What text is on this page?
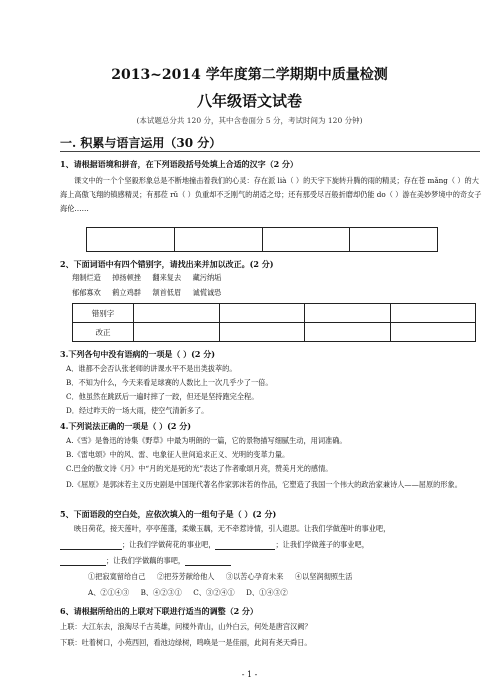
2013~2014 学年度第二学期期中质量检测
八年级语文试卷
(本试题总分共 120 分，其中含卷面分 5 分，考试时间为 120 分钟)
一. 积累与语言运用（30 分）
1、请根据语境和拼音，在下列语段括号处填上合适的汉字（2 分）
课文中的一个个坚毅形象总是不断地撞击着我们的心灵：存在派 lià（ ）的天宇下旋转升腾的雨的精灵；存在苍 mǎng（ ）的大海上高傲飞翔的镇感精灵；有那莅 rǔ（ ）负重却不乏刚气的胡适之母；还有那受尽百般折磨却仍能 do（ ）游在美妙梦境中的奇女子海伦……

2、下面词语中有四个错别字，请找出来并加以改正。(2 分)
翔制烂造 掉扬顿挫 翻来复去 藏污纳垢
郁郁寡欢 鹤立鸡群 颔首低眉 诚慌诚恐
错别字				
改正				
3.下列各句中没有语病的一项是（ ）(2 分)
A．谁都不会否认张老师的讲课水平不是出类拔萃的。
B．不知为什么，今天来看足球赛的人数比上一次几乎少了一倍。
C．他虽然在跳跃后一遍时摔了一跤，但还是坚持跑完全程。
D．经过昨天的一场大雨，使空气清新多了。
4.下列说法正确的一项是（ ）(2 分)
A.《雪》是鲁迅的诗集《野草》中最为明朗的一篇，它的景物描写细腻生动，用词准确。
B.《雷电颂》中的风、雷、电象征人世间追求正义、光明的变革力量。
C.巴金的散文诗《月》中“月的光是死的光”表达了作者歌颂月亮，赞美月光的感情。
D.《屈原》是郭沫若主义历史剧是中国现代著名作家郭沫若的作品，它塑造了我国一个伟大的政治家兼诗人——屈原的形象。
5、下面语段的空白处，应依次填入的一组句子是（ ）(2 分)
映日荷花，接天莲叶，亭亭莲蓬，柔嫩玉藕，无不牵惹诗情，引人遐思。让我们学做莲叶的事业吧，
；让我们学做荷花的事业吧，	；让我们学做莲子的事业吧，
；让我们学做藕的事吧，
①把寂寞留给自己 ②把芬芳献给他人 ③以苦心孕育未来 ④以坚润彻照生活
A、②①④③ B、④②③① C、③②④① D、①④③②
6、请根据所给出的上联对下联进行适当的调整（2 分）
上联：大江东去，浪淘尽千古英雄，问楼外青山，山外白云，何处是唐宫汉阙？
下联：吐着树口，小苑西回，看池边绿树，鸣唤是一是佳丽，此间有尧天舜日。
- 1 -
